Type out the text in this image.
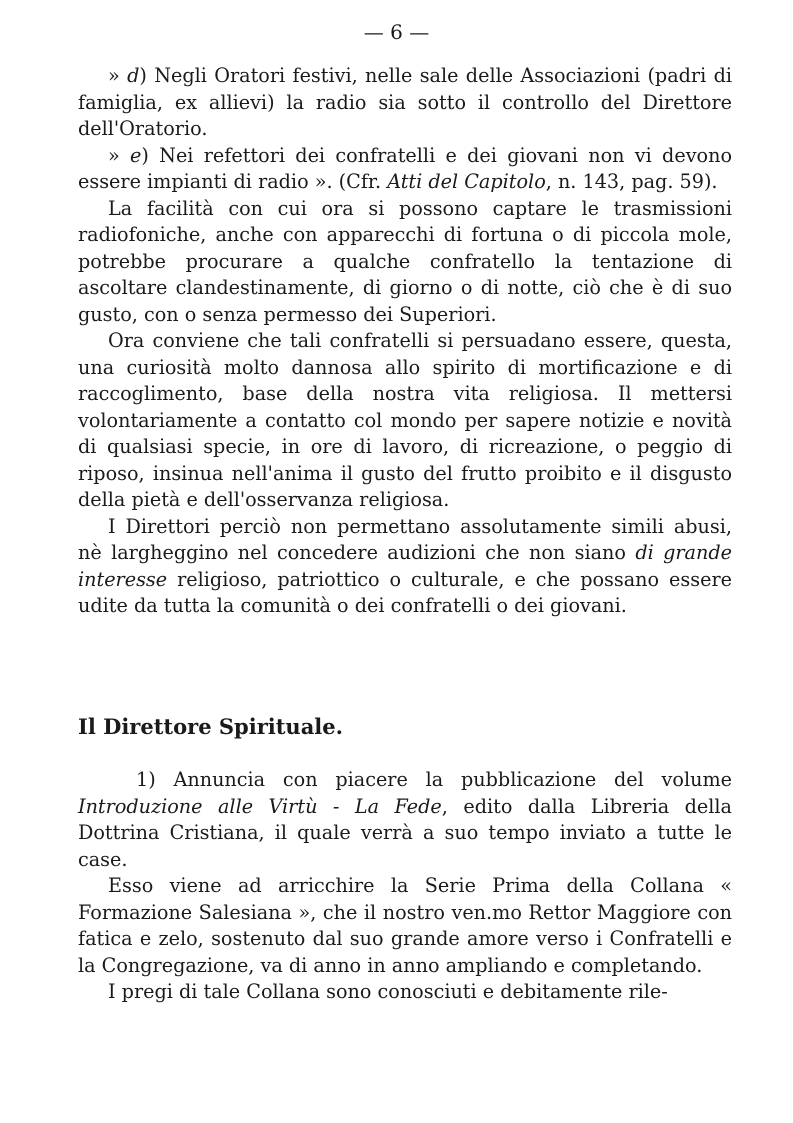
— 6 —

» d) Negli Oratori festivi, nelle sale delle Associazioni (padri di famiglia, ex allievi) la radio sia sotto il controllo del Direttore dell'Oratorio.

» e) Nei refettori dei confratelli e dei giovani non vi devono essere impianti di radio ». (Cfr. Atti del Capitolo, n. 143, pag. 59).

La facilità con cui ora si possono captare le trasmissioni radiofoniche, anche con apparecchi di fortuna o di piccola mole, potrebbe procurare a qualche confratello la tentazione di ascoltare clandestinamente, di giorno o di notte, ciò che è di suo gusto, con o senza permesso dei Superiori.

Ora conviene che tali confratelli si persuadano essere, questa, una curiosità molto dannosa allo spirito di mortificazione e di raccoglimento, base della nostra vita religiosa. Il mettersi volontariamente a contatto col mondo per sapere notizie e novità di qualsiasi specie, in ore di lavoro, di ricreazione, o peggio di riposo, insinua nell'anima il gusto del frutto proibito e il disgusto della pietà e dell'osservanza religiosa.

I Direttori perciò non permettano assolutamente simili abusi, nè largheggino nel concedere audizioni che non siano di grande interesse religioso, patriottico o culturale, e che possano essere udite da tutta la comunità o dei confratelli o dei giovani.

Il Direttore Spirituale.

1) Annuncia con piacere la pubblicazione del volume Introduzione alle Virtù - La Fede, edito dalla Libreria della Dottrina Cristiana, il quale verrà a suo tempo inviato a tutte le case.

Esso viene ad arricchire la Serie Prima della Collana « Formazione Salesiana », che il nostro ven.mo Rettor Maggiore con fatica e zelo, sostenuto dal suo grande amore verso i Confratelli e la Congregazione, va di anno in anno ampliando e completando.

I pregi di tale Collana sono conosciuti e debitamente rile-
